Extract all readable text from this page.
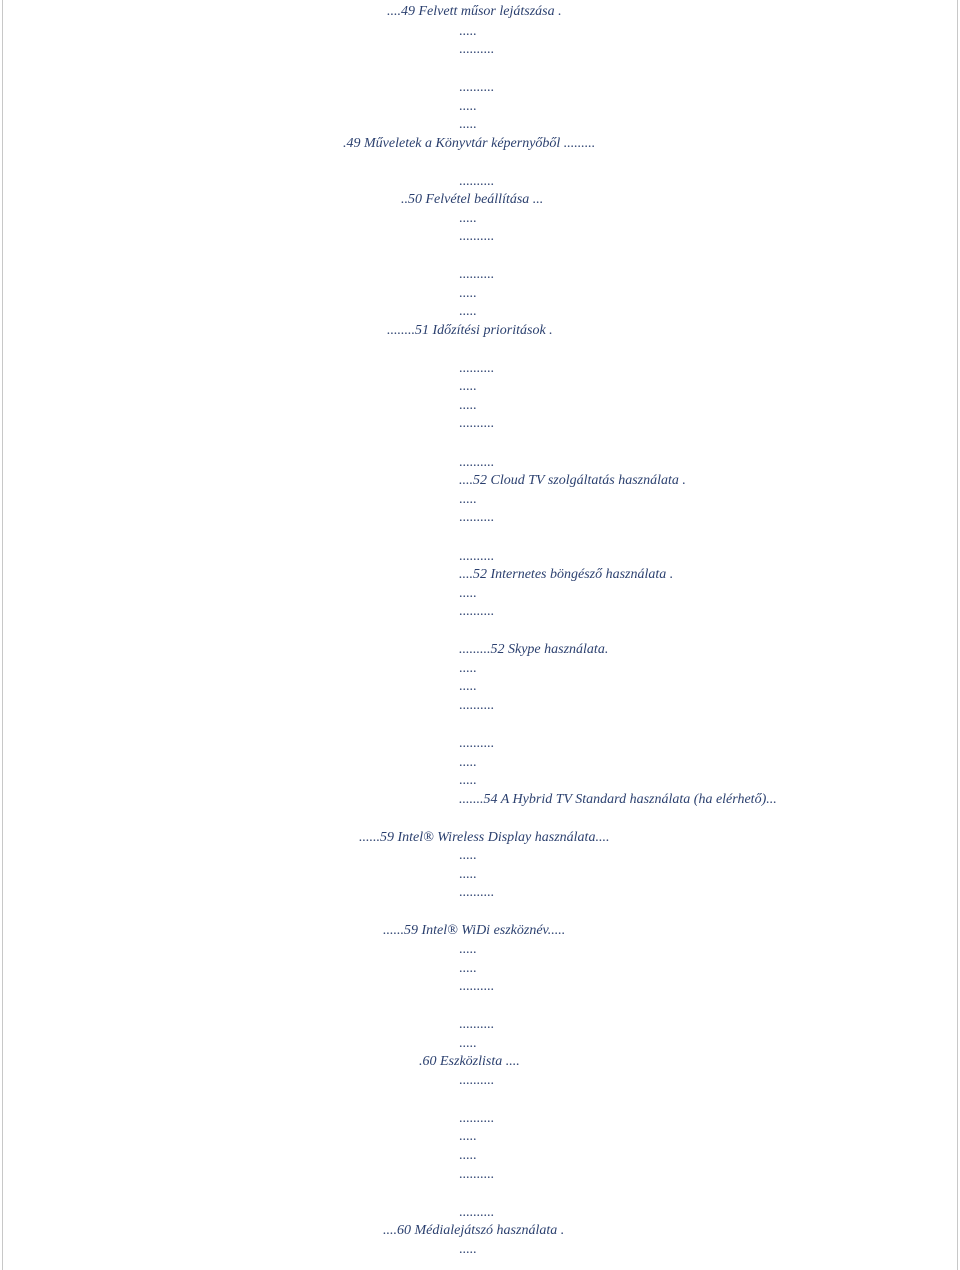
....49 Felvett műsor lejátszása .

.....

..........

..........

.....

.....

.49 Műveletek a Könyvtár képernyőből .........

..........

..50 Felvétel beállítása ...

.....

..........

..........

.....

.....

........51 Időzítési prioritások .

..........

.....

.....

..........

..........

....52 Cloud TV szolgáltatás használata .

.....

..........

..........

....52 Internetes böngésző használata .

.....

..........

.........52 Skype használata.

.....

.....

..........

..........

.....

.....

.......54 A Hybrid TV Standard használata (ha elérhető)...

......59 Intel® Wireless Display használata....

.....

.....

..........

......59 Intel® WiDi eszköznév.....

.....

.....

..........

..........

.....

.60 Eszközlista ....

..........

..........

.....

.....

..........

..........

....60 Médialejátszó használata .

.....
